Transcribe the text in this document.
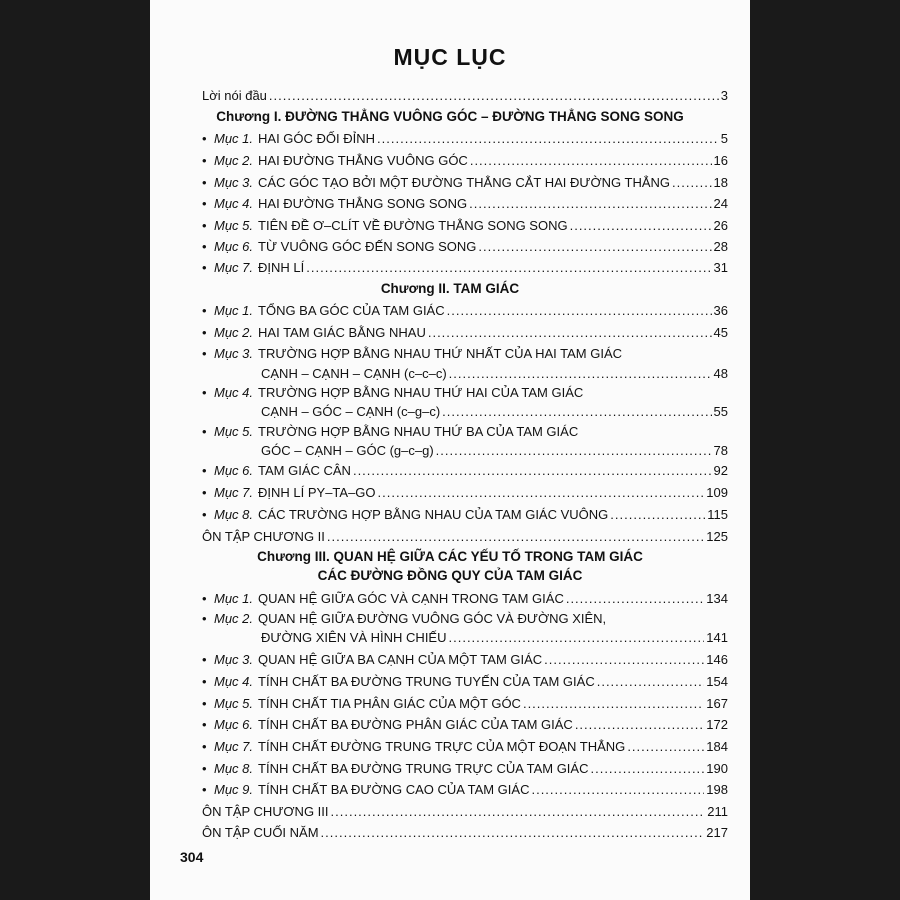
MỤC LỤC
Lời nói đầu .....	3
Chương I. ĐƯỜNG THẲNG VUÔNG GÓC – ĐƯỜNG THẲNG SONG SONG
• Mục 1. HAI GÓC ĐỐI ĐỈNH .....	5
• Mục 2. HAI ĐƯỜNG THẲNG VUÔNG GÓC .....	16
• Mục 3. CÁC GÓC TẠO BỞI MỘT ĐƯỜNG THẲNG CẮT HAI ĐƯỜNG THẲNG .....	18
• Mục 4. HAI ĐƯỜNG THẲNG SONG SONG .....	24
• Mục 5. TIÊN ĐỀ Ơ–CLÍT VỀ ĐƯỜNG THẲNG SONG SONG .....	26
• Mục 6. TỪ VUÔNG GÓC ĐẾN SONG SONG .....	28
• Mục 7. ĐỊNH LÍ .....	31
Chương II. TAM GIÁC
• Mục 1. TỔNG BA GÓC CỦA TAM GIÁC .....	36
• Mục 2. HAI TAM GIÁC BẰNG NHAU .....	45
• Mục 3. TRƯỜNG HỢP BẰNG NHAU THỨ NHẤT CỦA HAI TAM GIÁC
CẠNH – CẠNH – CẠNH (c–c–c) .....	48
• Mục 4. TRƯỜNG HỢP BẰNG NHAU THỨ HAI CỦA TAM GIÁC
CẠNH – GÓC – CẠNH (c–g–c) .....	55
• Mục 5. TRƯỜNG HỢP BẰNG NHAU THỨ BA CỦA TAM GIÁC
GÓC – CẠNH – GÓC (g–c–g) .....	78
• Mục 6. TAM GIÁC CÂN .....	92
• Mục 7. ĐỊNH LÍ PY–TA–GO .....	109
• Mục 8. CÁC TRƯỜNG HỢP BẰNG NHAU CỦA TAM GIÁC VUÔNG .....	115
ÔN TẬP CHƯƠNG II .....	125
Chương III. QUAN HỆ GIỮA CÁC YẾU TỐ TRONG TAM GIÁC
CÁC ĐƯỜNG ĐỒNG QUY CỦA TAM GIÁC
• Mục 1. QUAN HỆ GIỮA GÓC VÀ CẠNH TRONG TAM GIÁC .....	134
• Mục 2. QUAN HỆ GIỮA ĐƯỜNG VUÔNG GÓC VÀ ĐƯỜNG XIÊN,
ĐƯỜNG XIÊN VÀ HÌNH CHIẾU .....	141
• Mục 3. QUAN HỆ GIỮA BA CẠNH CỦA MỘT TAM GIÁC .....	146
• Mục 4. TÍNH CHẤT BA ĐƯỜNG TRUNG TUYẾN CỦA TAM GIÁC .....	154
• Mục 5. TÍNH CHẤT TIA PHÂN GIÁC CỦA MỘT GÓC .....	167
• Mục 6. TÍNH CHẤT BA ĐƯỜNG PHÂN GIÁC CỦA TAM GIÁC .....	172
• Mục 7. TÍNH CHẤT ĐƯỜNG TRUNG TRỰC CỦA MỘT ĐOẠN THẲNG .....	184
• Mục 8. TÍNH CHẤT BA ĐƯỜNG TRUNG TRỰC CỦA TAM GIÁC .....	190
• Mục 9. TÍNH CHẤT BA ĐƯỜNG CAO CỦA TAM GIÁC .....	198
ÔN TẬP CHƯƠNG III .....	211
ÔN TẬP CUỐI NĂM .....	217
304
